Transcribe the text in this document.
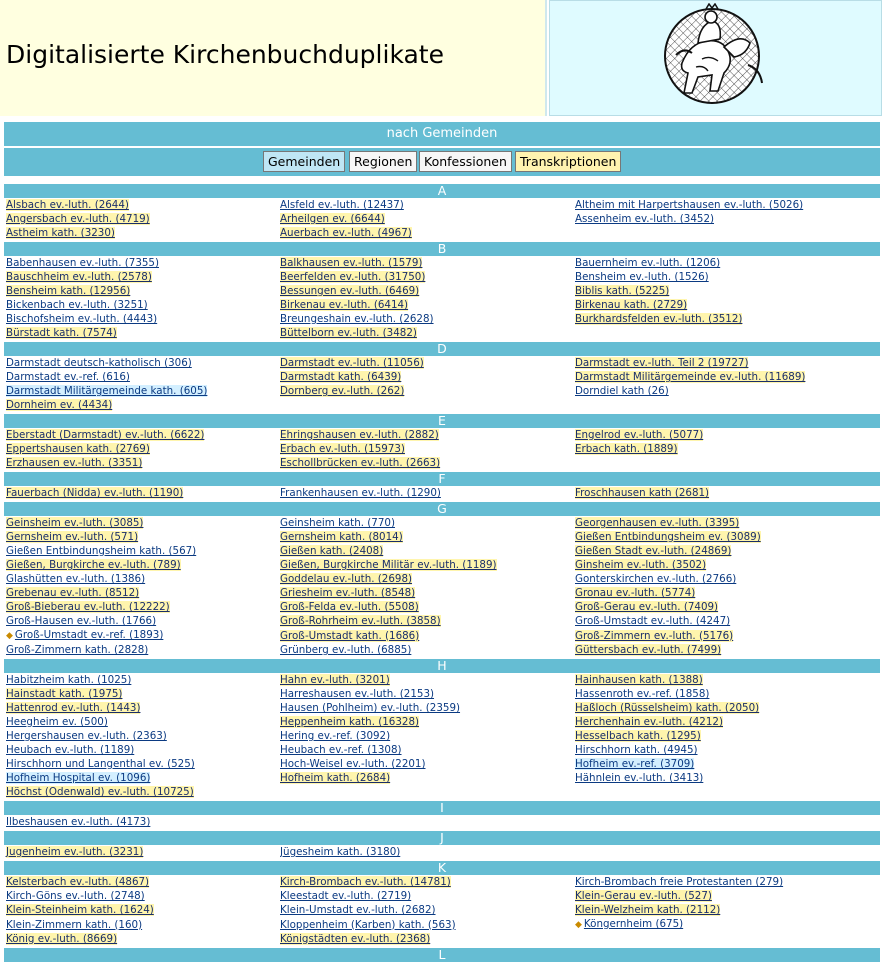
Digitalisierte Kirchenbuchduplikate
nach Gemeinden
Gemeinden	Regionen Konfessionen	Transkriptionen
A		
Alsbach ev.-luth. (2644)	Alsfeld ev.-luth. (12437)	Altheim mit Harpertshausen ev.-luth. (5026)
Angersbach ev.-luth. (4719)	Arheilgen ev. (6644)	Assenheim ev.-luth. (3452)
Astheim kath. (3230)	Auerbach ev.-luth. (4967)	
B		
Babenhausen ev.-luth. (7355)	Balkhausen ev.-luth. (1579)	Bauernheim ev.-luth. (1206)
Bauschheim ev.-luth. (2578)	Beerfelden ev.-luth. (31750)	Bensheim ev.-luth. (1526)
Bensheim kath. (12956)	Bessungen ev.-luth. (6469)	Biblis kath. (5225)
Bickenbach ev.-luth. (3251)	Birkenau ev.-luth. (6414)	Birkenau kath. (2729)
Bischofsheim ev.-luth. (4443)	Breungeshain ev.-luth. (2628)	Burkhardsfelden ev.-luth. (3512)
Bürstadt kath. (7574)	Büttelborn ev.-luth. (3482)	
D		
Darmstadt deutsch-katholisch (306)	Darmstadt ev.-luth. (11056)	Darmstadt ev.-luth. Teil 2 (19727)
Darmstadt ev.-ref. (616)	Darmstadt kath. (6439)	Darmstadt Militärgemeinde ev.-luth. (11689)
Darmstadt Militärgemeinde kath. (605)	Dornberg ev.-luth. (262)	Dorndiel kath (26)
Dornheim ev. (4434)		
E		
Eberstadt (Darmstadt) ev.-luth. (6622)	Ehringshausen ev.-luth. (2882)	Engelrod ev.-luth. (5077)
Eppertshausen kath. (2769)	Erbach ev.-luth. (15973)	Erbach kath. (1889)
Erzhausen ev.-luth. (3351)	Eschollbrücken ev.-luth. (2663)	
F		
Fauerbach (Nidda) ev.-luth. (1190)	Frankenhausen ev.-luth. (1290)	Froschhausen kath (2681)
G		
Geinsheim ev.-luth. (3085)	Geinsheim kath. (770)	Georgenhausen ev.-luth. (3395)
Gernsheim ev.-luth. (571)	Gernsheim kath. (8014)	Gießen Entbindungsheim ev. (3089)
Gießen Entbindungsheim kath. (567)	Gießen kath. (2408)	Gießen Stadt ev.-luth. (24869)
Gießen, Burgkirche ev.-luth. (789)	Gießen, Burgkirche Militär ev.-luth. (1189)	Ginsheim ev.-luth. (3502)
Glashütten ev.-luth. (1386)	Goddelau ev.-luth. (2698)	Gonterskirchen ev.-luth. (2766)
Grebenau ev.-luth. (8512)	Griesheim ev.-luth. (8548)	Gronau ev.-luth. (5774)
Groß-Bieberau ev.-luth. (12222)	Groß-Felda ev.-luth. (5508)	Groß-Gerau ev.-luth. (7409)
Groß-Hausen ev.-luth. (1766)	Groß-Rohrheim ev.-luth. (3858)	Groß-Umstadt ev.-luth. (4247)
◆ Groß-Umstadt ev.-ref. (1893)	Groß-Umstadt kath. (1686)	Groß-Zimmern ev.-luth. (5176)
Groß-Zimmern kath. (2828)	Grünberg ev.-luth. (6885)	Güttersbach ev.-luth. (7499)
H		
Habitzheim kath. (1025)	Hahn ev.-luth. (3201)	Hainhausen kath. (1388)
Hainstadt kath. (1975)	Harreshausen ev.-luth. (2153)	Hassenroth ev.-ref. (1858)
Hattenrod ev.-luth. (1443)	Hausen (Pohlheim) ev.-luth. (2359)	Haßloch (Rüsselsheim) kath. (2050)
Heegheim ev. (500)	Heppenheim kath. (16328)	Herchenhain ev.-luth. (4212)
Hergershausen ev.-luth. (2363)	Hering ev.-ref. (3092)	Hesselbach kath. (1295)
Heubach ev.-luth. (1189)	Heubach ev.-ref. (1308)	Hirschhorn kath. (4945)
Hirschhorn und Langenthal ev. (525)	Hoch-Weisel ev.-luth. (2201)	Hofheim ev.-ref. (3709)
Hofheim Hospital ev. (1096)	Hofheim kath. (2684)	Hähnlein ev.-luth. (3413)
Höchst (Odenwald) ev.-luth. (10725)		
I		
Ilbeshausen ev.-luth. (4173)		
J		
Jugenheim ev.-luth. (3231)	Jügesheim kath. (3180)	
K		
Kelsterbach ev.-luth. (4867)	Kirch-Brombach ev.-luth. (14781)	Kirch-Brombach freie Protestanten (279)
Kirch-Göns ev.-luth. (2748)	Kleestadt ev.-luth. (2719)	Klein-Gerau ev.-luth. (527)
Klein-Steinheim kath. (1624)	Klein-Umstadt ev.-luth. (2682)	Klein-Welzheim kath. (2112)
Klein-Zimmern kath. (160)	Kloppenheim (Karben) kath. (563)	◆ Köngernheim (675)
König ev.-luth. (8669)	Königstädten ev.-luth. (2368)	
L		
